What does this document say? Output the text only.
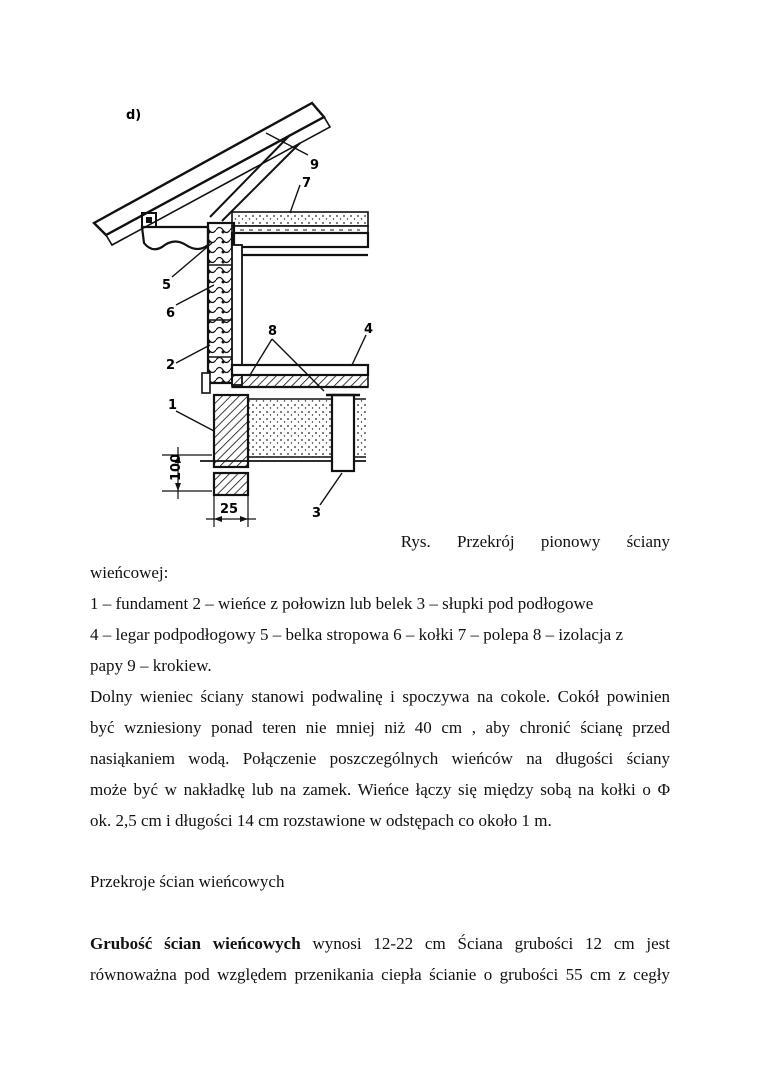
d)
100
25
9
7
5
6
8	4
2
1
3
Rys. Przekrój pionowy ściany
wieńcowej:
1 – fundament 2 – wieńce z połowizn lub belek 3 – słupki pod podłogowe
4 – legar podpodłogowy 5 – belka stropowa 6 – kołki 7 – polepa 8 – izolacja z
papy 9 – krokiew.
Dolny wieniec ściany stanowi podwalinę i spoczywa na cokole. Cokół powinien
być wzniesiony ponad teren nie mniej niż 40 cm , aby chronić ścianę przed
nasiąkaniem wodą. Połączenie poszczególnych wieńców na długości ściany
może być w nakładkę lub na zamek. Wieńce łączy się między sobą na kołki o Φ
ok. 2,5 cm i długości 14 cm rozstawione w odstępach co około 1 m.
Przekroje ścian wieńcowych
Grubość ścian wieńcowych wynosi 12-22 cm Ściana grubości 12 cm jest
równoważna pod względem przenikania ciepła ścianie o grubości 55 cm z cegły
